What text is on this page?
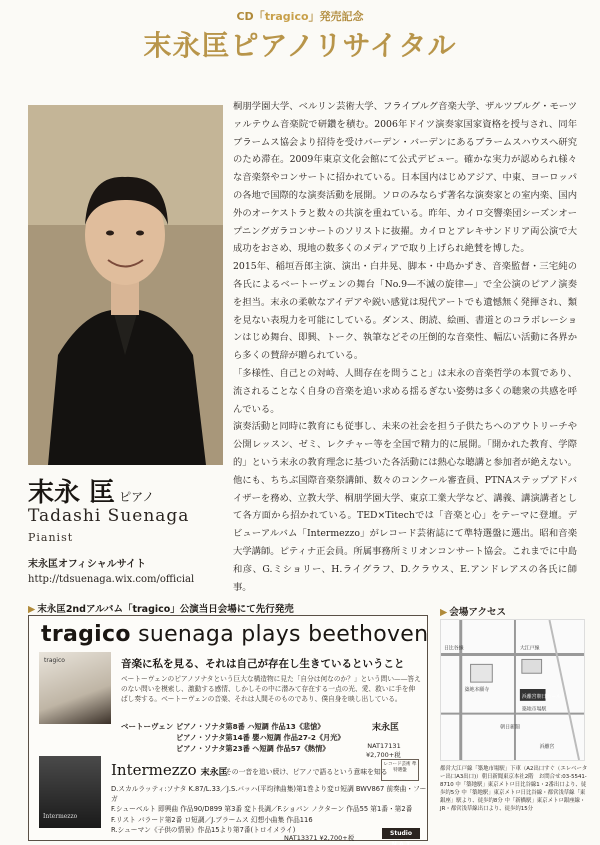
CD「tragico」発売記念
末永匡ピアノリサイタル
末永 匡 ピアノ
Tadashi Suenaga
Pianist
末永匡オフィシャルサイト
http://tdsuenaga.wix.com/official

桐朋学園大学、ベルリン芸術大学、フライブルグ音楽大学、ザルツブルグ・モーツァルテウム音楽院で研鑽を積む。2006年ドイツ演奏家国家資格を授与され、同年ブラームス協会より招待を受けバーデン・バーデンにあるブラームスハウスへ研究のため滞在。2009年東京文化会館にて公式デビュー。確かな実力が認められ様々な音楽祭やコンサートに招かれている。日本国内はじめアジア、中東、ヨーロッパの各地で国際的な演奏活動を展開。ソロのみならず著名な演奏家との室内楽、国内外のオーケストラと数々の共演を重ねている。昨年、カイロ交響楽団シーズンオープニングガラコンサートのソリストに抜擢。カイロとアレキサンドリア両公演で大成功をおさめ、現地の数多くのメディアで取り上げられ絶賛を博した。

2015年、稲垣吾郎主演、演出・白井晃、脚本・中島かずき、音楽監督・三宅純の各氏によるベートーヴェンの舞台「No.9—不滅の旋律—」で全公演のピアノ演奏を担当。末永の柔軟なアイデアや鋭い感覚は現代アートでも遺憾無く発揮され、類を見ない表現力を可能にしている。ダンス、朗読、絵画、書道とのコラボレーションはじめ舞台、即興、トーク、執筆などその圧倒的な音楽性、幅広い活動に各界から多くの賛辞が贈られている。

「多様性、自己との対峙、人間存在を問うこと」は末永の音楽哲学の本質であり、流されることなく自身の音楽を追い求める揺るぎない姿勢は多くの聴衆の共感を呼んでいる。

演奏活動と同時に教育にも従事し、未来の社会を担う子供たちへのアウトリーチや公開レッスン、ゼミ、レクチャー等を全国で精力的に展開。「開かれた教育、学際的」という末永の教育理念に基づいた各活動には熱心な聴講と参加者が絶えない。他にも、ちちぶ国際音楽祭講師、数々のコンクール審査員、PTNAステップアドバイザーを務め、立教大学、桐朋学園大学、東京工業大学など、講義、講演講者として各方面から招かれている。TED×Titechでは「音楽と心」をテーマに登壇。デビューアルバム「Intermezzo」がレコード芸術誌にて準特選盤に選出。昭和音楽大学講師。ピティナ正会員。所属事務所ミリオンコンサート協会。これまでに中島和彦、G.ミショリー、H.ライグラフ、D.クラウス、E.アンドレアスの各氏に師事。

▶ 末永匡2ndアルバム「tragico」公演当日会場にて先行発売
tragico suenaga plays beethoven
tragico	音楽に私を見る、それは自己が存在し生きているということ
ベートーヴェンのピアノソナタという巨大な構造物に見た「自分は何なのか？」という問い——答えのない問いを模索し、激動する感情、しかしその中に潜みて存在する一点の光、愛、救いに手を伸ばし奏する。ベートーヴェンの音楽、それは人間そのものであり、僕自身を映し出している。
ベートーヴェン ピアノ・ソナタ第8番 ハ短調 作品13《悲愴》
ピアノ・ソナタ第14番 嬰ハ短調 作品27-2《月光》
ピアノ・ソナタ第23番 ヘ短調 作品57《熱情》
末永匡
NAT17131
¥2,700+税
Intermezzo
Intermezzo 末永匡
その一音を追い続け、ピアノで語るという意味を知る
レコード芸術 準特選盤
D.スカルラッティ:ソナタ K.87/L.33／J.S.バッハ(平均律曲集)第1巻より変ロ短調 BWV867 前奏曲・フーガ
F.シューベルト 即興曲 作品90/D899 第3番 変ト長調／F.ショパン ノクターン 作品55 第1番・第2番
F.リスト バラード第2番 ロ短調／J.ブラームス 幻想小曲集 作品116
R.シューマン《子供の情景》作品15より第7番(トロイメライ)
NAT13371 ¥2,700+税
Studio N.A.T
▶ 会場アクセス
浜離宮朝日ホール
日比谷線	大江戸線
築地市場駅
朝日新聞
築地本願寺
浜離宮
都営大江戸線「築地市場駅」下車（A2出口すぐ（エレベーター出口A3出口)）朝日新聞東京本社2階　お問合せ:03-5541-8710 中「築地駅」東京メトロ日比谷線1・2番出口より、徒歩約5分 中「築地駅」東京メトロ日比谷線・都営浅草線「東銀座」駅より、徒歩約8分 中「新橋駅」東京メトロ銀座線・JR・都営浅草線出口より、徒歩約15分
